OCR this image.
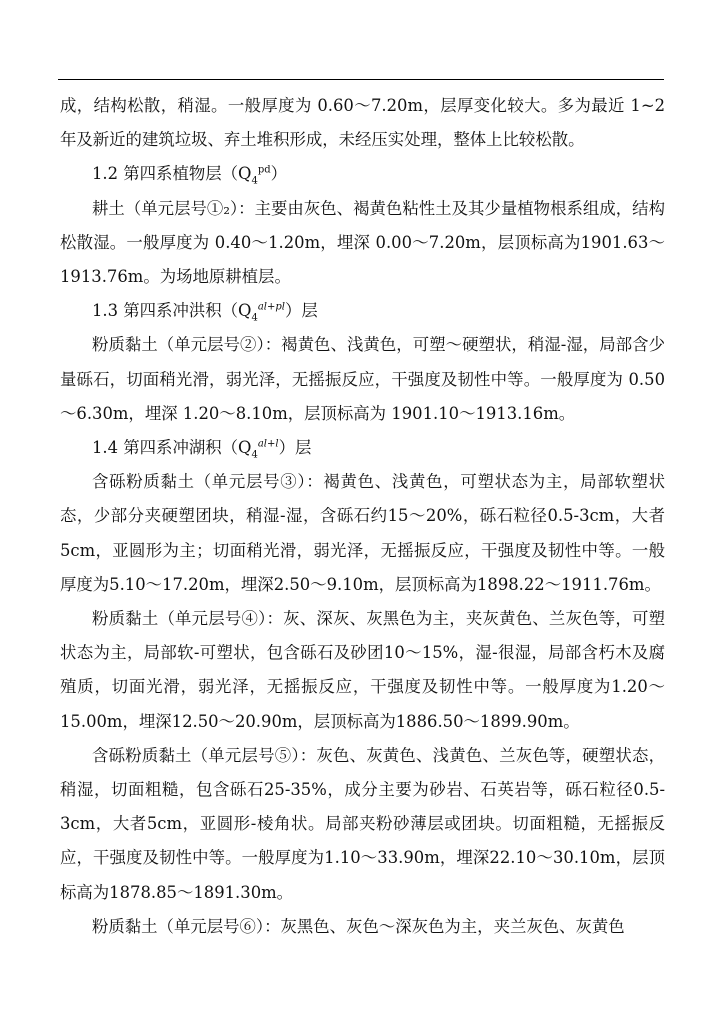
成，结构松散，稍湿。一般厚度为 0.60～7.20m，层厚变化较大。多为最近 1~2年及新近的建筑垃圾、弃土堆积形成，未经压实处理，整体上比较松散。

1.2 第四系植物层$(Q_4^{pd})$

耕土（单元层号①₂）：主要由灰色、褐黄色粘性土及其少量植物根系组成，结构松散湿。一般厚度为 0.40～1.20m，埋深 0.00～7.20m，层顶标高为1901.63～1913.76m。为场地原耕植层。

1.3 第四系冲洪积$(Q_4^{al+pl})$层

粉质黏土（单元层号②）：褐黄色、浅黄色，可塑～硬塑状，稍湿-湿，局部含少量砾石，切面稍光滑，弱光泽，无摇振反应，干强度及韧性中等。一般厚度为 0.50～6.30m，埋深 1.20～8.10m，层顶标高为 1901.10～1913.16m。

1.4 第四系冲湖积$(Q_4^{al+l})$层

含砾粉质黏土（单元层号③）：褐黄色、浅黄色，可塑状态为主，局部软塑状态，少部分夹硬塑团块，稍湿-湿，含砾石约15～20%，砾石粒径0.5-3cm，大者5cm，亚圆形为主；切面稍光滑，弱光泽，无摇振反应，干强度及韧性中等。一般厚度为5.10～17.20m，埋深2.50～9.10m，层顶标高为1898.22～1911.76m。

粉质黏土（单元层号④）：灰、深灰、灰黑色为主，夹灰黄色、兰灰色等，可塑状态为主，局部软-可塑状，包含砾石及砂团10～15%，湿-很湿，局部含朽木及腐殖质，切面光滑，弱光泽，无摇振反应，干强度及韧性中等。一般厚度为1.20～15.00m，埋深12.50～20.90m，层顶标高为1886.50～1899.90m。

含砾粉质黏土（单元层号⑤）：灰色、灰黄色、浅黄色、兰灰色等，硬塑状态，稍湿，切面粗糙，包含砾石25-35%，成分主要为砂岩、石英岩等，砾石粒径0.5-3cm，大者5cm，亚圆形-棱角状。局部夹粉砂薄层或团块。切面粗糙，无摇振反应，干强度及韧性中等。一般厚度为1.10～33.90m，埋深22.10～30.10m，层顶标高为1878.85～1891.30m。

粉质黏土（单元层号⑥）：灰黑色、灰色～深灰色为主，夹兰灰色、灰黄色
